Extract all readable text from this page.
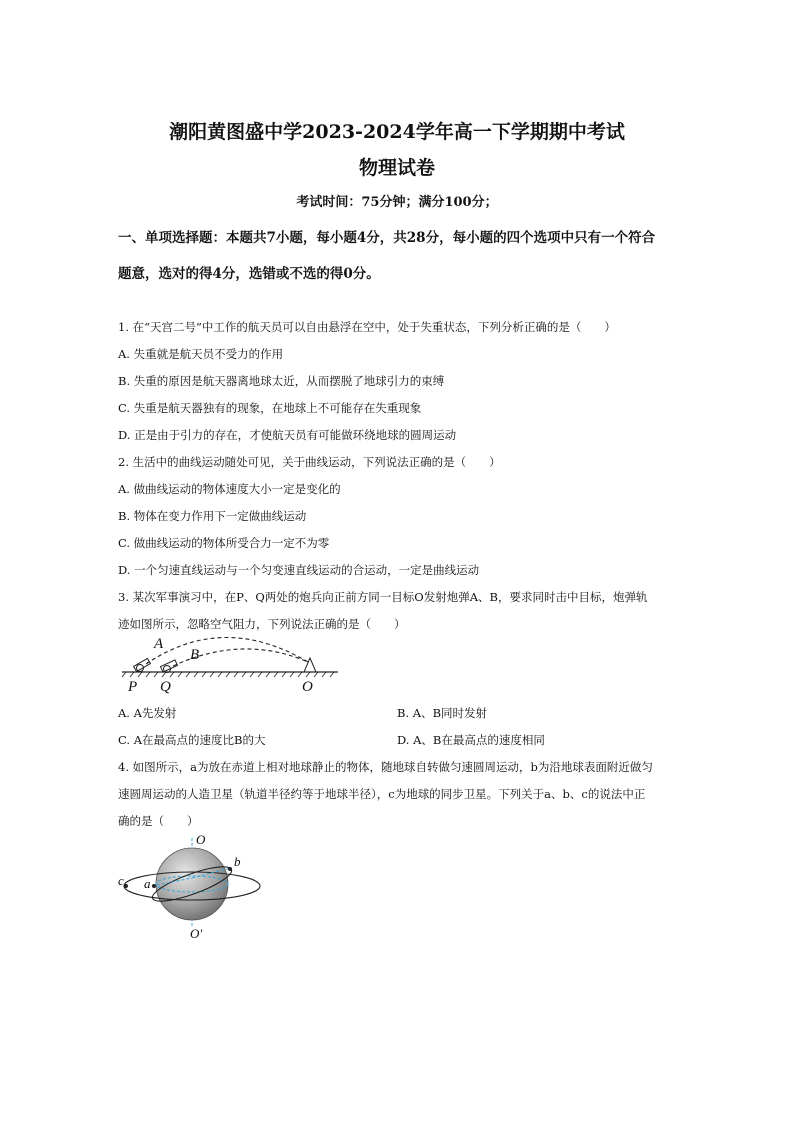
潮阳黄图盛中学2023-2024学年高一下学期期中考试
物理试卷
考试时间：75分钟；满分100分；
一、单项选择题：本题共7小题，每小题4分，共28分，每小题的四个选项中只有一个符合
题意，选对的得4分，选错或不选的得0分。
1. 在“天宫二号”中工作的航天员可以自由悬浮在空中，处于失重状态，下列分析正确的是（　　）
A. 失重就是航天员不受力的作用
B. 失重的原因是航天器离地球太近，从而摆脱了地球引力的束缚
C. 失重是航天器独有的现象，在地球上不可能存在失重现象
D. 正是由于引力的存在，才使航天员有可能做环绕地球的圆周运动
2. 生活中的曲线运动随处可见，关于曲线运动，下列说法正确的是（　　）
A. 做曲线运动的物体速度大小一定是变化的
B. 物体在变力作用下一定做曲线运动
C. 做曲线运动的物体所受合力一定不为零
D. 一个匀速直线运动与一个匀变速直线运动的合运动，一定是曲线运动
3. 某次军事演习中，在P、Q两处的炮兵向正前方同一目标O发射炮弹A、B，要求同时击中目标，炮弹轨
迹如图所示，忽略空气阻力，下列说法正确的是（　　）
A
B
P Q	O
A. A先发射	B. A、B同时发射
C. A在最高点的速度比B的大	D. A、B在最高点的速度相同
4. 如图所示，a为放在赤道上相对地球静止的物体，随地球自转做匀速圆周运动，b为沿地球表面附近做匀
速圆周运动的人造卫星（轨道半径约等于地球半径），c为地球的同步卫星。下列关于a、b、c的说法中正
确的是（　　）
O
b
c a
O′
